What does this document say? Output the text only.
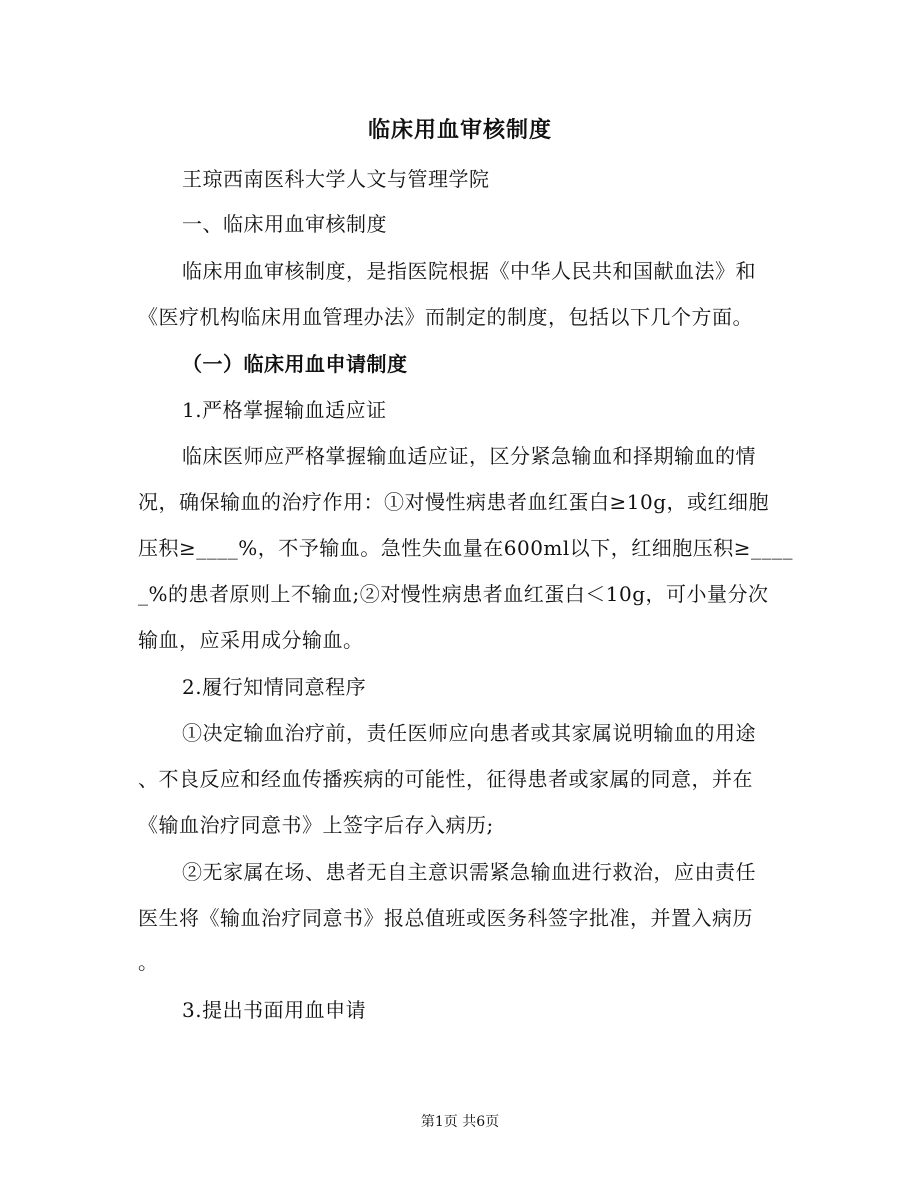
临床用血审核制度
王琼西南医科大学人文与管理学院
一、临床用血审核制度
临床用血审核制度，是指医院根据《中华人民共和国献血法》和
《医疗机构临床用血管理办法》而制定的制度，包括以下几个方面。
（一）临床用血申请制度
1.严格掌握输血适应证
临床医师应严格掌握输血适应证，区分紧急输血和择期输血的情
况，确保输血的治疗作用：①对慢性病患者血红蛋白≥10g，或红细胞
压积≥____%，不予输血。急性失血量在600ml以下，红细胞压积≥____
_%的患者原则上不输血;②对慢性病患者血红蛋白＜10g，可小量分次
输血，应采用成分输血。
2.履行知情同意程序
①决定输血治疗前，责任医师应向患者或其家属说明输血的用途
、不良反应和经血传播疾病的可能性，征得患者或家属的同意，并在
《输血治疗同意书》上签字后存入病历;
②无家属在场、患者无自主意识需紧急输血进行救治，应由责任
医生将《输血治疗同意书》报总值班或医务科签字批准，并置入病历
。
3.提出书面用血申请
第1页 共6页
